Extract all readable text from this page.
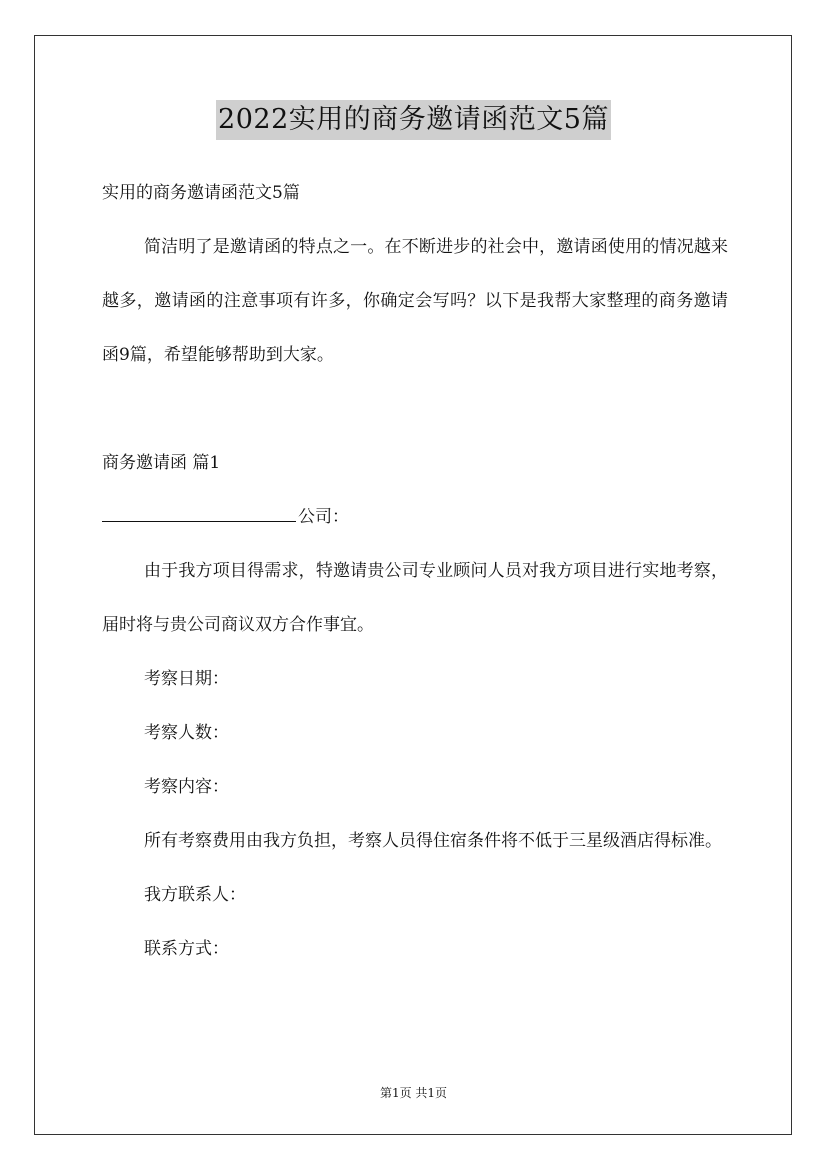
2022实用的商务邀请函范文5篇

实用的商务邀请函范文5篇

简洁明了是邀请函的特点之一。在不断进步的社会中，邀请函使用的情况越来越多，邀请函的注意事项有许多，你确定会写吗？以下是我帮大家整理的商务邀请函9篇，希望能够帮助到大家。

商务邀请函 篇1

公司：

由于我方项目得需求，特邀请贵公司专业顾问人员对我方项目进行实地考察，届时将与贵公司商议双方合作事宜。

考察日期：

考察人数：

考察内容：

所有考察费用由我方负担，考察人员得住宿条件将不低于三星级酒店得标准。

我方联系人：

联系方式：

第1页 共1页
